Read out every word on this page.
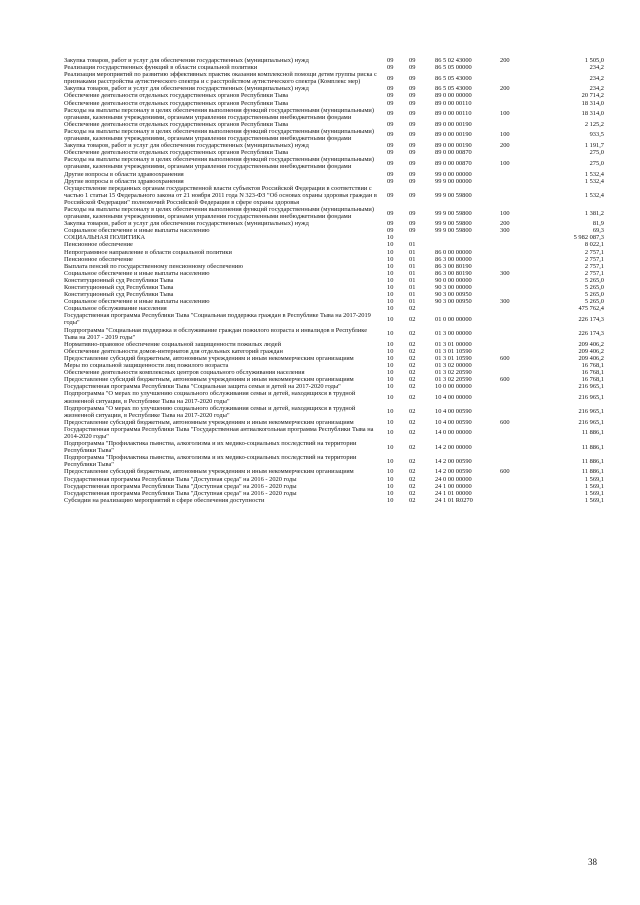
Закупка товаров, работ и услуг для обеспечения государственных (муниципальных) нужд	09	09	86 5 02 43000	200	1 505,0
Реализация государственных функций в области социальной политики	09	09	86 5 05 00000		234,2
Реализация мероприятий по развитию эффективных практик оказания комплексной помощи детям группы риска с признаками расстройства аутистического спектра и с расстройством аутистического спектра (Комплекс мер)	09	09	86 5 05 43000		234,2
Закупка товаров, работ и услуг для обеспечения государственных (муниципальных) нужд	09	09	86 5 05 43000	200	234,2
Обеспечение деятельности отдельных государственных органов Республики Тыва	09	09	89 0 00 00000		20 714,2
Обеспечение деятельности отдельных государственных органов Республики Тыва	09	09	89 0 00 00110		18 314,0
Расходы на выплаты персоналу в целях обеспечения выполнения функций государственными (муниципальными) органами, казенными учреждениями, органами управления государственными внебюджетными фондами	09	09	89 0 00 00110	100	18 314,0
Обеспечение деятельности отдельных государственных органов Республики Тыва	09	09	89 0 00 00190		2 125,2
Расходы на выплаты персоналу в целях обеспечения выполнения функций государственными (муниципальными) органами, казенными учреждениями, органами управления государственными внебюджетными фондами	09	09	89 0 00 00190	100	933,5
Закупка товаров, работ и услуг для обеспечения государственных (муниципальных) нужд	09	09	89 0 00 00190	200	1 191,7
Обеспечение деятельности отдельных государственных органов Республики Тыва	09	09	89 0 00 00870		275,0
Расходы на выплаты персоналу в целях обеспечения выполнения функций государственными (муниципальными) органами, казенными учреждениями, органами управления государственными внебюджетными фондами	09	09	89 0 00 00870	100	275,0
Другие вопросы в области здравоохранения	09	09	99 0 00 00000		1 532,4
Другие вопросы в области здравоохранения	09	09	99 9 00 00000		1 532,4
Осуществление переданных органам государственной власти субъектов Российской Федерации в соответствии с частью 1 статьи 15 Федерального закона от 21 ноября 2011 года N 323-ФЗ "Об основах охраны здоровья граждан в Российской Федерации" полномочий Российской Федерации в сфере охраны здоровья	09	09	99 9 00 59800		1 532,4
Расходы на выплаты персоналу в целях обеспечения выполнения функций государственными (муниципальными) органами, казенными учреждениями, органами управления государственными внебюджетными фондами	09	09	99 9 00 59800	100	1 381,2
Закупка товаров, работ и услуг для обеспечения государственных (муниципальных) нужд	09	09	99 9 00 59800	200	81,9
Социальное обеспечение и иные выплаты населению	09	09	99 9 00 59800	300	69,3
СОЦИАЛЬНАЯ ПОЛИТИКА	10				5 982 087,3
Пенсионное обеспечение	10	01			8 022,1
Непрограммное направление в области социальной политики	10	01	86 0 00 00000		2 757,1
Пенсионное обеспечение	10	01	86 3 00 00000		2 757,1
Выплата пенсий по государственному пенсионному обеспечению	10	01	86 3 00 80190		2 757,1
Социальное обеспечение и иные выплаты населению	10	01	86 3 00 80190	300	2 757,1
Конституционный суд Республики Тыва	10	01	90 0 00 00000		5 265,0
Конституционный суд Республики Тыва	10	01	90 3 00 00000		5 265,0
Конституционный суд Республики Тыва	10	01	90 3 00 00950		5 265,0
Социальное обеспечение и иные выплаты населению	10	01	90 3 00 00950	300	5 265,0
Социальное обслуживание населения	10	02			475 762,4
Государственная программа Республики Тыва "Социальная поддержка граждан в Республике Тыва на 2017-2019 годы"	10	02	01 0 00 00000		226 174,3
Подпрограмма "Социальная поддержка и обслуживание граждан пожилого возраста и инвалидов в Республике Тыва на 2017 - 2019 годы"	10	02	01 3 00 00000		226 174,3
Нормативно-правовое обеспечение социальной защищенности пожилых людей	10	02	01 3 01 00000		209 406,2
Обеспечение деятельности домов-интернатов для отдельных категорий граждан	10	02	01 3 01 10590		209 406,2
Предоставление субсидий бюджетным, автономным учреждениям и иным некоммерческим организациям	10	02	01 3 01 10590	600	209 406,2
Меры по социальной защищенности лиц пожилого возраста	10	02	01 3 02 00000		16 768,1
Обеспечение деятельности комплексных центров социального обслуживания населения	10	02	01 3 02 20590		16 768,1
Предоставление субсидий бюджетным, автономным учреждениям и иным некоммерческим организациям	10	02	01 3 02 20590	600	16 768,1
Государственная программа Республики Тыва "Социальная защита семьи и детей на 2017-2020 годы"	10	02	10 0 00 00000		216 965,1
Подпрограмма "О мерах по улучшению социального обслуживания семьи и детей, находящихся в трудной жизненной ситуации, в Республике Тыва на 2017-2020 годы"	10	02	10 4 00 00000		216 965,1
Подпрограмма "О мерах по улучшению социального обслуживания семьи и детей, находящихся в трудной жизненной ситуации, в Республике Тыва на 2017-2020 годы"	10	02	10 4 00 00590		216 965,1
Предоставление субсидий бюджетным, автономным учреждениям и иным некоммерческим организациям	10	02	10 4 00 00590	600	216 965,1
Государственная программа Республики Тыва "Государственная антиалкогольная программа Республики Тыва на 2014-2020 годы"	10	02	14 0 00 00000		11 886,1
Подпрограмма "Профилактика пьянства, алкоголизма и их медико-социальных последствий на территории Республики Тыва"	10	02	14 2 00 00000		11 886,1
Подпрограмма "Профилактика пьянства, алкоголизма и их медико-социальных последствий на территории Республики Тыва"	10	02	14 2 00 00590		11 886,1
Предоставление субсидий бюджетным, автономным учреждениям и иным некоммерческим организациям	10	02	14 2 00 00590	600	11 886,1
Государственная программа Республики Тыва "Доступная среда" на 2016 - 2020 годы	10	02	24 0 00 00000		1 569,1
Государственная программа Республики Тыва "Доступная среда" на 2016 - 2020 годы	10	02	24 1 00 00000		1 569,1
Государственная программа Республики Тыва "Доступная среда" на 2016 - 2020 годы	10	02	24 1 01 00000		1 569,1
Субсидии на реализацию мероприятий в сфере обеспечения доступности	10	02	24 1 01 R0270		1 569,1
38
